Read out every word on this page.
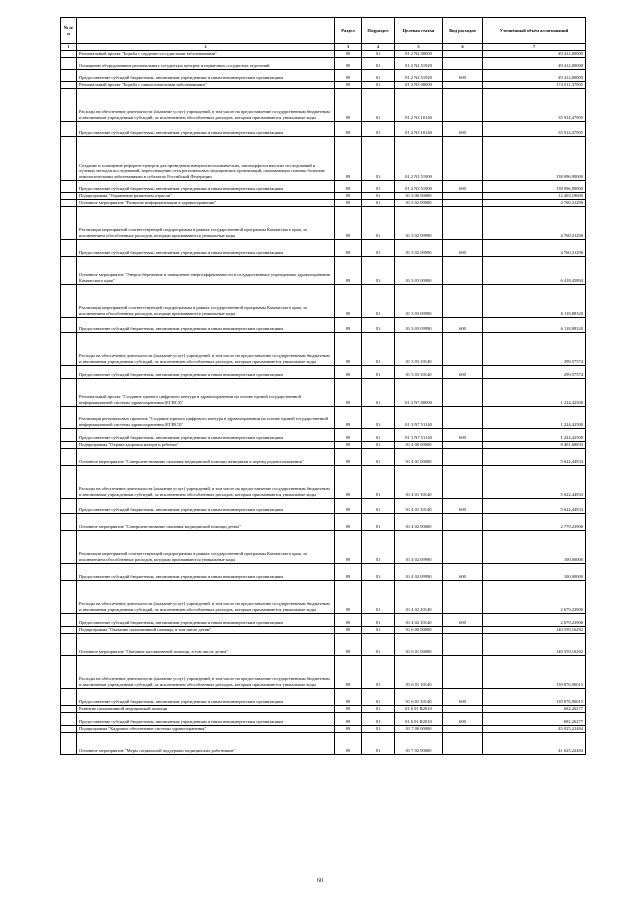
№ п/п		Раздел	Подраздел	Целевая статья	Вид расходов	Уточнённый объём ассигнований
1	2	3	4	5	6	7
	Региональный проект "Борьба с сердечно-сосудистыми заболеваниями"	09	01	01 2 N2 00000		49 412,00000
	Оснащение оборудованием региональных сосудистых центров и первичных сосудистых отделений	09	01	01 2 N2 51920		49 412,00000
	Предоставление субсидий бюджетным, автономным учреждениям и иным некоммерческим организациям	09	01	01 2 N2 51920	600	49 412,00000
	Региональный проект "Борьба с онкологическими заболеваниями"	09	01	01 2 N3 00000		174 011,37905
	Расходы на обеспечение деятельности (оказание услуг) учреждений, в том числе на предоставление государственным бюджетным и автономным учреждениям субсидий, за исключением обособленных расходов, которым присваиваются уникальные коды	09	01	01 2 N3 10140		35 914,47905
	Предоставление субсидий бюджетным, автономным учреждениям и иным некоммерческим организациям	09	01	01 2 N3 10140	600	35 914,47905
	Создание и оснащение референс-центров для проведения иммуногистохимических, патоморфологических исследований и лучевых методов исследований, переоснащение сети региональных медицинских организаций, оказывающих помощь больным онкологическими заболеваниями в субъектах Российской Федерации	09	01	01 2 N3 51900		138 096,90000
	Предоставление субсидий бюджетным, автономным учреждениям и иным некоммерческим организациям	09	01	01 2 N3 51900	600	138 096,90000
	Подпрограмма "Управление развитием отрасли"	09	01	01 3 00 00000		12 403,19690
	Основное мероприятие "Развитие информатизации в здравоохранении"	09	01	01 3 02 00000		4 760,31296
	Реализация мероприятий соответствующей подпрограммы в рамках государственной программы Камчатского края, за исключением обособленных расходов, которым присваиваются уникальные коды	09	01	01 3 02 09990		4 760,31296
	Предоставление субсидий бюджетным, автономным учреждениям и иным некоммерческим организациям	09	01	01 3 02 09990	600	4 760,31296
	Основное мероприятие "Энергосбережение и повышение энергоэффективности в государственных учреждениях здравоохранения Камчатского края"	09	01	01 3 03 00000		6 418,45894
	Реализация мероприятий соответствующей подпрограммы в рамках государственной программы Камчатского края, за исключением обособленных расходов, которым присваиваются уникальные коды	09	01	01 3 03 09990		6 118,88320
	Предоставление субсидий бюджетным, автономным учреждениям и иным некоммерческим организациям	09	01	01 3 03 09990	600	6 118,88320
	Расходы на обеспечение деятельности (оказание услуг) учреждений, в том числе на предоставление государственным бюджетным и автономным учреждениям субсидий, за исключением обособленных расходов, которым присваиваются уникальные коды	09	01	01 3 03 10140		299,57574
	Предоставление субсидий бюджетным, автономным учреждениям и иным некоммерческим организациям	09	01	01 3 03 10140	600	299,57574
	Региональный проект "Создание единого цифрового контура в здравоохранении на основе единой государственной информационной системы здравоохранения (ЕГИСЗ)"	09	01	01 3 N7 00000		1 224,42500
	Реализация региональных проектов "Создание единого цифрового контура в здравоохранении на основе единой государственной информационной системы здравоохранения (ЕГИСЗ)"	09	01	01 3 N7 51140		1 224,42500
	Предоставление субсидий бюджетным, автономным учреждениям и иным некоммерческим организациям	09	01	01 3 N7 51140	600	1 224,42500
	Подпрограмма "Охрана здоровья матери и ребенка"	09	01	01 4 00 00000		8 401,68833
	Основное мероприятие "Совершенствование оказания медицинской помощи женщинам в период родовспоможения"	09	01	01 4 01 00000		5 622,44933
	Расходы на обеспечение деятельности (оказание услуг) учреждений, в том числе на предоставление государственным бюджетным и автономным учреждениям субсидий, за исключением обособленных расходов, которым присваиваются уникальные коды	09	01	01 4 01 10140		5 622,44933
	Предоставление субсидий бюджетным, автономным учреждениям и иным некоммерческим организациям	09	01	01 4 01 10140	600	5 622,44933
	Основное мероприятие "Совершенствование оказания медицинской помощи детям"	09	01	01 4 02 00000		2 779,23900
	Реализация мероприятий соответствующей подпрограммы в рамках государственной программы Камчатского края, за исключением обособленных расходов, которым присваиваются уникальные коды	09	01	01 4 02 09990		100,00000
	Предоставление субсидий бюджетным, автономным учреждениям и иным некоммерческим организациям	09	01	01 4 02 09990	600	100,00000
	Расходы на обеспечение деятельности (оказание услуг) учреждений, в том числе на предоставление государственным бюджетным и автономным учреждениям субсидий, за исключением обособленных расходов, которым присваиваются уникальные коды	09	01	01 4 02 10140		2 679,23900
	Предоставление субсидий бюджетным, автономным учреждениям и иным некоммерческим организациям	09	01	01 4 02 10140	600	2 679,23900
	Подпрограмма "Оказание паллиативной помощи, в том числе детям"	09	01	01 6 00 00000		140 559,16292
	Основное мероприятие "Оказание паллиативной помощи, в том числе детям"	09	01	01 6 01 00000		140 559,16292
	Расходы на обеспечение деятельности (оказание услуг) учреждений, в том числе на предоставление государственным бюджетным и автономным учреждениям субсидий, за исключением обособленных расходов, которым присваиваются уникальные коды	09	01	01 6 01 10140		139 876,90015
	Предоставление субсидий бюджетным, автономным учреждениям и иным некоммерческим организациям	09	01	01 6 01 10140	600	139 876,90015
	Развитие паллиативной медицинской помощи	09	01	01 6 01 R2010		682,26277
	Предоставление субсидий бюджетным, автономным учреждениям и иным некоммерческим организациям	09	01	01 6 01 R2010	600	682,26277
	Подпрограмма "Кадровое обеспечение системы здравоохранения"	09	01	01 7 00 00000		45 025,22484
	Основное мероприятие "Меры социальной поддержки медицинских работников"	09	01	01 7 02 00000		41 625,22484
60
